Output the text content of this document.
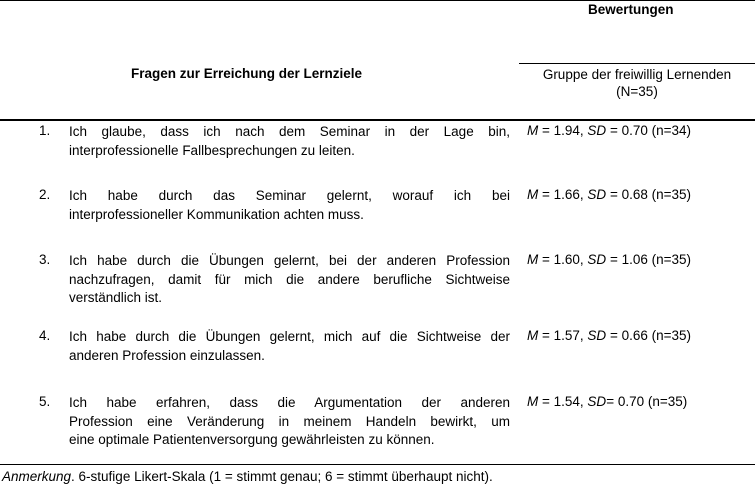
Bewertungen
Fragen zur Erreichung der Lernziele	Gruppe der freiwillig Lernenden
(N=35)
1. Ich glaube, dass ich nach dem Seminar in der Lage bin,
interprofessionelle Fallbesprechungen zu leiten.
M = 1.94, SD = 0.70 (n=34)
2. Ich habe durch das Seminar gelernt, worauf ich bei
interprofessioneller Kommunikation achten muss.
M = 1.66, SD = 0.68 (n=35)
3. Ich habe durch die Übungen gelernt, bei der anderen Profession
nachzufragen, damit für mich die andere berufliche Sichtweise
verständlich ist.
M = 1.60, SD = 1.06 (n=35)
4. Ich habe durch die Übungen gelernt, mich auf die Sichtweise der
anderen Profession einzulassen.
M = 1.57, SD = 0.66 (n=35)
5. Ich habe erfahren, dass die Argumentation der anderen
Profession eine Veränderung in meinem Handeln bewirkt, um
eine optimale Patientenversorgung gewährleisten zu können.
M = 1.54, SD= 0.70 (n=35)
Anmerkung. 6-stufige Likert-Skala (1 = stimmt genau; 6 = stimmt überhaupt nicht).
